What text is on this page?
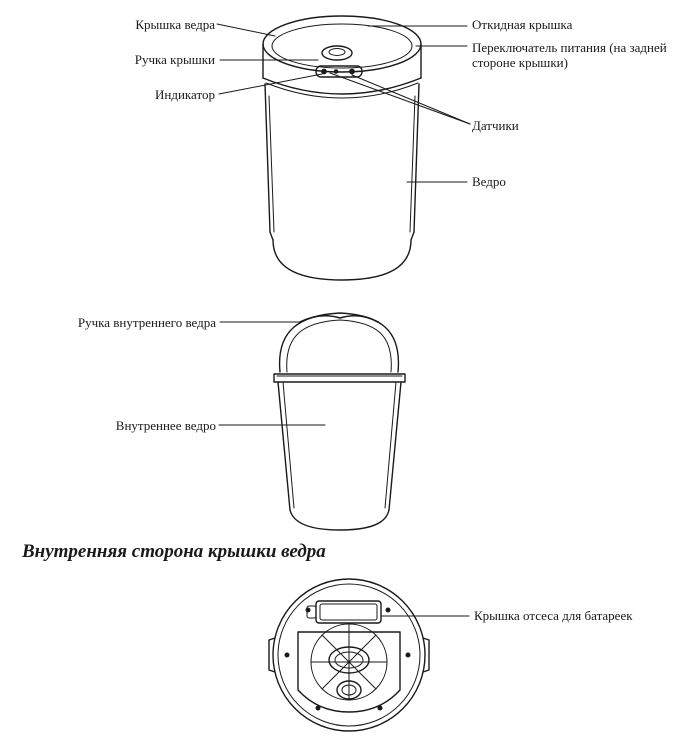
Крышка ведра
Ручка крышки
Индикатор
Откидная крышка
Переключатель питания (на задней
стороне крышки)
Датчики
Ведро
Ручка внутреннего ведра
Внутреннее ведро
Внутренняя сторона крышки ведра
Крышка отсеса для батареек
